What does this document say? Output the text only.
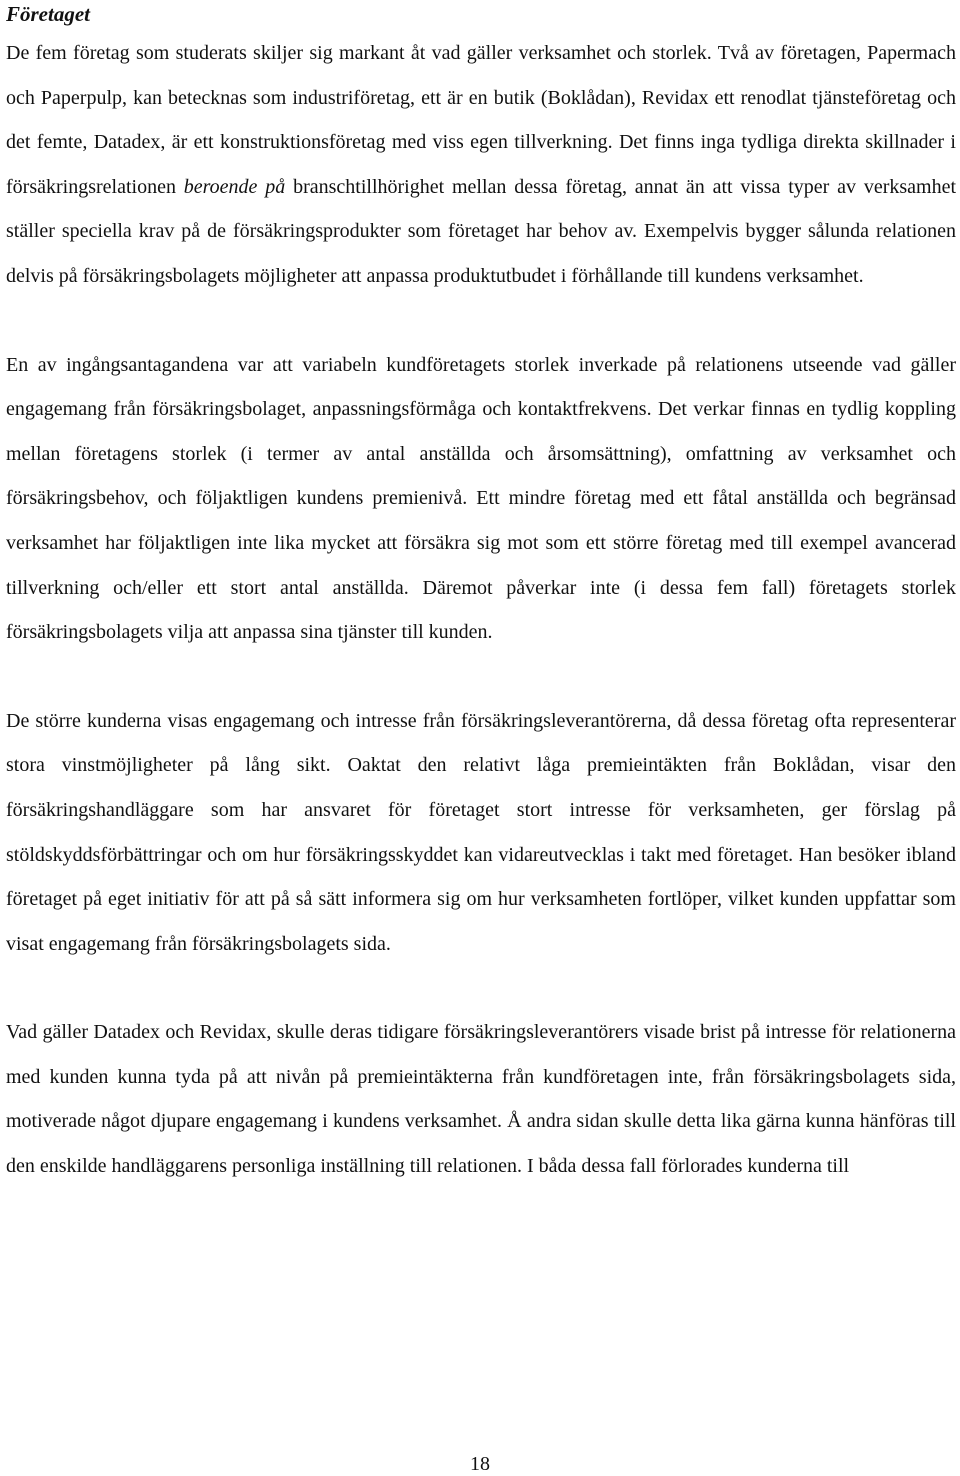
Företaget

De fem företag som studerats skiljer sig markant åt vad gäller verksamhet och storlek. Två av företagen, Papermach och Paperpulp, kan betecknas som industriföretag, ett är en butik (Boklådan), Revidax ett renodlat tjänsteföretag och det femte, Datadex, är ett konstruktionsföretag med viss egen tillverkning. Det finns inga tydliga direkta skillnader i försäkringsrelationen beroende på branschtillhörighet mellan dessa företag, annat än att vissa typer av verksamhet ställer speciella krav på de försäkringsprodukter som företaget har behov av. Exempelvis bygger sålunda relationen delvis på försäkringsbolagets möjligheter att anpassa produktutbudet i förhållande till kundens verksamhet.

En av ingångsantagandena var att variabeln kundföretagets storlek inverkade på relationens utseende vad gäller engagemang från försäkringsbolaget, anpassningsförmåga och kontaktfrekvens. Det verkar finnas en tydlig koppling mellan företagens storlek (i termer av antal anställda och årsomsättning), omfattning av verksamhet och försäkringsbehov, och följaktligen kundens premienivå. Ett mindre företag med ett fåtal anställda och begränsad verksamhet har följaktligen inte lika mycket att försäkra sig mot som ett större företag med till exempel avancerad tillverkning och/eller ett stort antal anställda. Däremot påverkar inte (i dessa fem fall) företagets storlek försäkringsbolagets vilja att anpassa sina tjänster till kunden.

De större kunderna visas engagemang och intresse från försäkringsleverantörerna, då dessa företag ofta representerar stora vinstmöjligheter på lång sikt. Oaktat den relativt låga premieintäkten från Boklådan, visar den försäkringshandläggare som har ansvaret för företaget stort intresse för verksamheten, ger förslag på stöldskyddsförbättringar och om hur försäkringsskyddet kan vidareutvecklas i takt med företaget. Han besöker ibland företaget på eget initiativ för att på så sätt informera sig om hur verksamheten fortlöper, vilket kunden uppfattar som visat engagemang från försäkringsbolagets sida.

Vad gäller Datadex och Revidax, skulle deras tidigare försäkringsleverantörers visade brist på intresse för relationerna med kunden kunna tyda på att nivån på premieintäkterna från kundföretagen inte, från försäkringsbolagets sida, motiverade något djupare engagemang i kundens verksamhet. Å andra sidan skulle detta lika gärna kunna hänföras till den enskilde handläggarens personliga inställning till relationen. I båda dessa fall förlorades kunderna till

18
